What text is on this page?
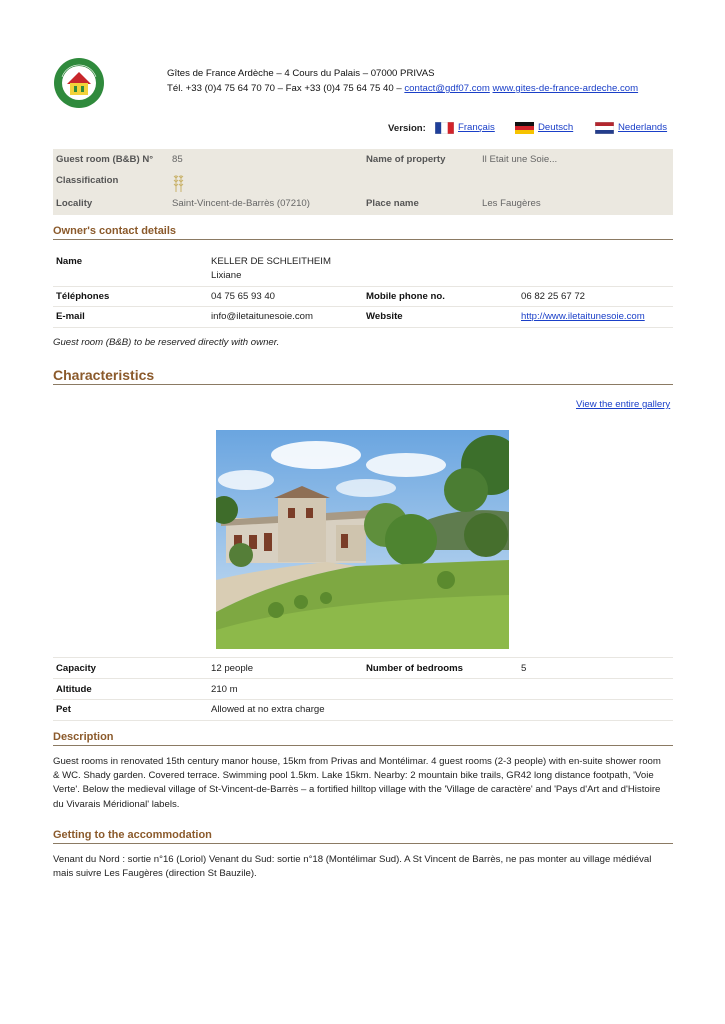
Gîtes de France Ardèche – 4 Cours du Palais – 07000 PRIVAS
Tél. +33 (0)4 75 64 70 70 – Fax +33 (0)4 75 64 75 40 – contact@gdf07.com www.gites-de-france-ardeche.com
Version:	Français	Deutsch	Nederlands
Guest room (B&B) N° 85	Name of property	Il Etait une Soie...
Classification
Locality	Saint-Vincent-de-Barrès (07210)	Place name	Les Faugères
Owner's contact details
Name	KELLER DE SCHLEITHEIM
Lixiane
Téléphones	04 75 65 93 40	Mobile phone no.	06 82 25 67 72
E-mail	info@iletaitunesoie.com	Website	http://www.iletaitunesoie.com
Guest room (B&B) to be reserved directly with owner.
Characteristics
View the entire gallery
Capacity	12 people	Number of bedrooms	5
Altitude	210 m
Pet	Allowed at no extra charge
Description
Guest rooms in renovated 15th century manor house, 15km from Privas and Montélimar. 4 guest rooms (2-3 people) with en-suite shower room
& WC. Shady garden. Covered terrace. Swimming pool 1.5km. Lake 15km. Nearby: 2 mountain bike trails, GR42 long distance footpath, 'Voie
Verte'. Below the medieval village of St-Vincent-de-Barrès – a fortified hilltop village with the 'Village de caractère' and 'Pays d'Art and d'Histoire
du Vivarais Méridional' labels.
Getting to the accommodation
Venant du Nord : sortie n°16 (Loriol) Venant du Sud: sortie n°18 (Montélimar Sud). A St Vincent de Barrès, ne pas monter au village médiéval
mais suivre Les Faugères (direction St Bauzile).
